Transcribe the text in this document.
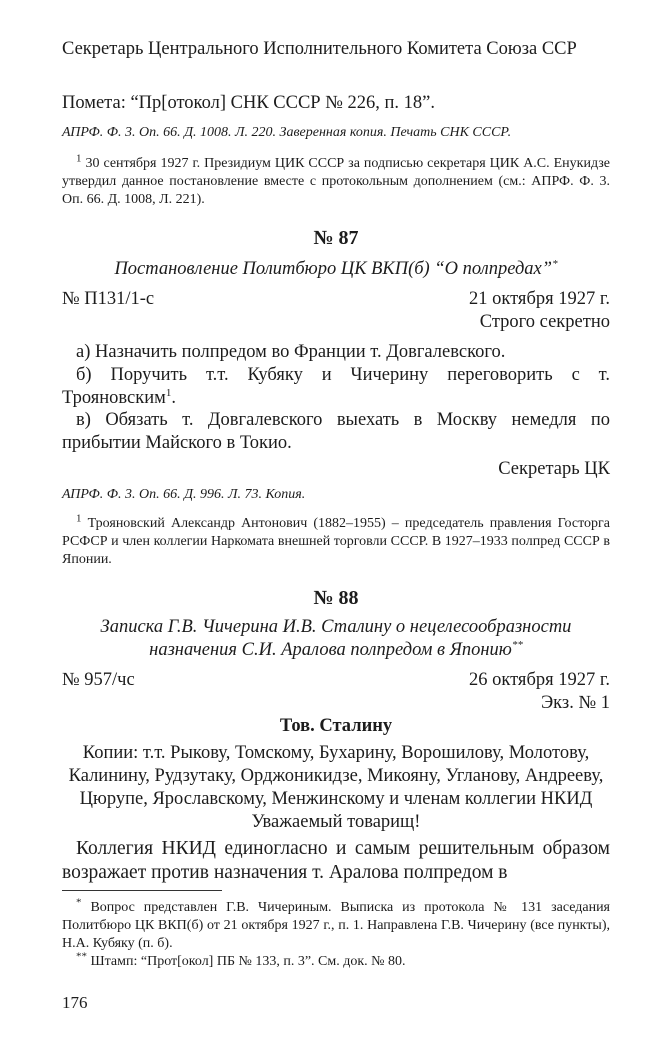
Секретарь Центрального Исполнительного Комитета Союза ССР
Помета: “Пр[отокол] СНК СССР № 226, п. 18”.
АПРФ. Ф. 3. Оп. 66. Д. 1008. Л. 220. Заверенная копия. Печать СНК СССР.
$^1$ 30 сентября 1927 г. Президиум ЦИК СССР за подписью секретаря ЦИК А.С. Енукидзе утвердил данное постановление вместе с протокольным дополнением (см.: АПРФ. Ф. 3. Оп. 66. Д. 1008, Л. 221).
№ 87
Постановление Политбюро ЦК ВКП(б) “О полпредах”*
№ П131/1-с	21 октября 1927 г.
Строго секретно
а) Назначить полпредом во Франции т. Довгалевского.
б) Поручить т.т. Кубяку и Чичерину переговорить с т. Трояновским$^1$.
в) Обязать т. Довгалевского выехать в Москву немедля по прибытии Майского в Токио.
Секретарь ЦК
АПРФ. Ф. 3. Оп. 66. Д. 996. Л. 73. Копия.
$^1$ Трояновский Александр Антонович (1882–1955) – председатель правления Госторга РСФСР и член коллегии Наркомата внешней торговли СССР. В 1927–1933 полпред СССР в Японии.
№ 88
Записка Г.В. Чичерина И.В. Сталину о нецелесообразности
назначения С.И. Аралова полпредом в Японию**
№ 957/чс	26 октября 1927 г.
Экз. № 1
Тов. Сталину
Копии: т.т. Рыкову, Томскому, Бухарину, Ворошилову, Молотову, Калинину, Рудзутаку, Орджоникидзе, Микояну, Угланову, Андрееву, Цюрупе, Ярославскому, Менжинскому и членам коллегии НКИД
Уважаемый товарищ!
Коллегия НКИД единогласно и самым решительным образом возражает против назначения т. Аралова полпредом в
* Вопрос представлен Г.В. Чичериным. Выписка из протокола № 131 заседания Политбюро ЦК ВКП(б) от 21 октября 1927 г., п. 1. Направлена Г.В. Чичерину (все пункты), Н.А. Кубяку (п. б).
** Штамп: “Прот[окол] ПБ № 133, п. 3”. См. док. № 80.
176
